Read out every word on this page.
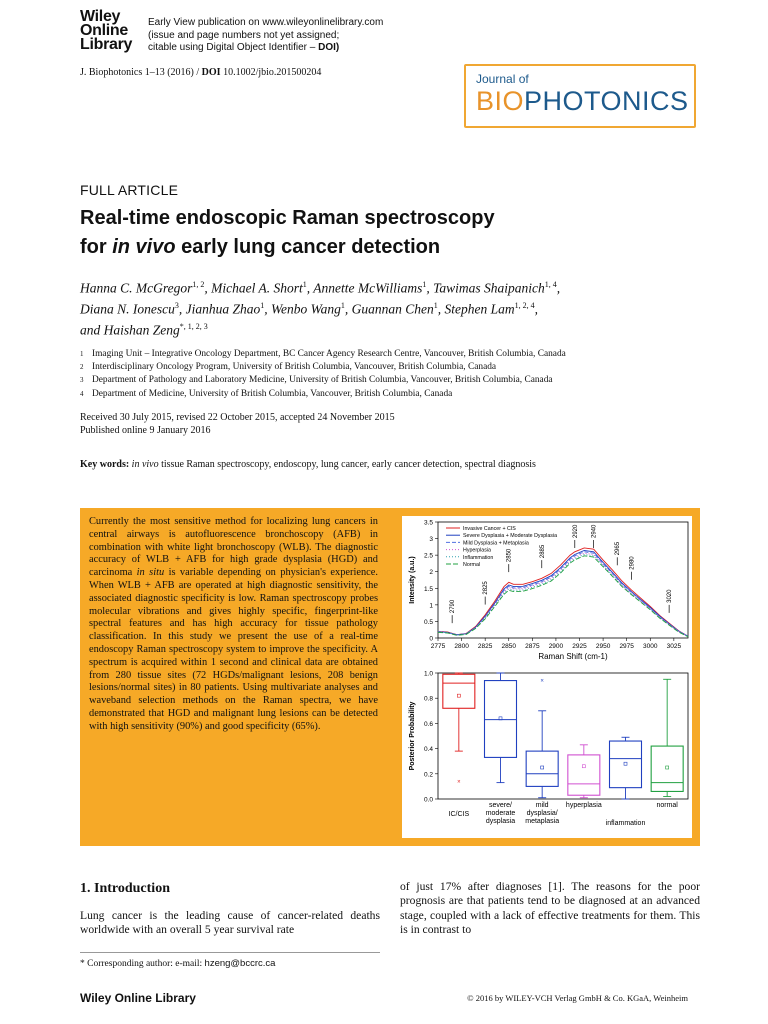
Wiley
Online
Library
Early View publication on www.wileyonlinelibrary.com
(issue and page numbers not yet assigned;
citable using Digital Object Identifier – DOI)
J. Biophotonics 1–13 (2016) / DOI 10.1002/jbio.201500204	Journal of
BIOPHOTONICS
FULL ARTICLE
Real-time endoscopic Raman spectroscopy
for in vivo early lung cancer detection
Hanna C. McGregor$^{1, 2}$, Michael A. Short$^1$, Annette McWilliams$^1$, Tawimas Shaipanich$^{1, 4}$,
Diana N. Ionescu$^3$, Jianhua Zhao$^1$, Wenbo Wang$^1$, Guannan Chen$^1$, Stephen Lam$^{1, 2, 4}$,
and Haishan Zeng$^{*, 1, 2, 3}$
1 Imaging Unit – Integrative Oncology Department, BC Cancer Agency Research Centre, Vancouver, British Columbia, Canada
2 Interdisciplinary Oncology Program, University of British Columbia, Vancouver, British Columbia, Canada
3 Department of Pathology and Laboratory Medicine, University of British Columbia, Vancouver, British Columbia, Canada
4 Department of Medicine, University of British Columbia, Vancouver, British Columbia, Canada
Received 30 July 2015, revised 22 October 2015, accepted 24 November 2015
Published online 9 January 2016
Key words: in vivo tissue Raman spectroscopy, endoscopy, lung cancer, early cancer detection, spectral diagnosis
Currently the most sensitive method for localizing lung cancers in central airways is autofluorescence bronchoscopy (AFB) in combination with white light bronchoscopy (WLB). The diagnostic accuracy of WLB + AFB for high grade dysplasia (HGD) and carcinoma in situ is variable depending on physician's experience. When WLB + AFB are operated at high diagnostic sensitivity, the associated diagnostic specificity is low. Raman spectroscopy probes molecular vibrations and gives highly specific, fingerprint-like spectral features and has high accuracy for tissue pathology classification. In this study we present the use of a real-time endoscopy Raman spectroscopy system to improve the specificity. A spectrum is acquired within 1 second and clinical data are obtained from 280 tissue sites (72 HGDs/malignant lesions, 208 benign lesions/normal sites) in 80 patients. Using multivariate analyses and waveband selection methods on the Raman spectra, we have demonstrated that HGD and malignant lung lesions can be detected with high sensitivity (90%) and good specificity (65%).
0
0.5
1
1.5
2
2.5
3
3.5
2775 2800 2825 2850 2875 2900 2925 2950 2975 3000 3025
Raman Shift (cm-1)
Intensity (a.u.)
2790
2825
2850	2885
2920 2940
2965
2980
3020
Invasive Cancer + CIS
Severe Dysplasia + Moderate Dysplasia
Mild Dysplasia + Metaplasia
Hyperplasia
Inflammation
Normal

0.0
0.2
0.4
0.6
0.8
1.0
Posterior Probability
×
IC/CIS
severe/
moderate
dysplasia
×
mild
dysplasia/
metaplasia
hyperplasia
inflammation
normal
1. Introduction
Lung cancer is the leading cause of cancer-related deaths worldwide with an overall 5 year survival rate
of just 17% after diagnoses [1]. The reasons for the poor prognosis are that patients tend to be diagnosed at an advanced stage, coupled with a lack of effective treatments for them. This is in contrast to
* Corresponding author: e-mail: hzeng@bccrc.ca
Wiley Online Library	© 2016 by WILEY-VCH Verlag GmbH & Co. KGaA, Weinheim
